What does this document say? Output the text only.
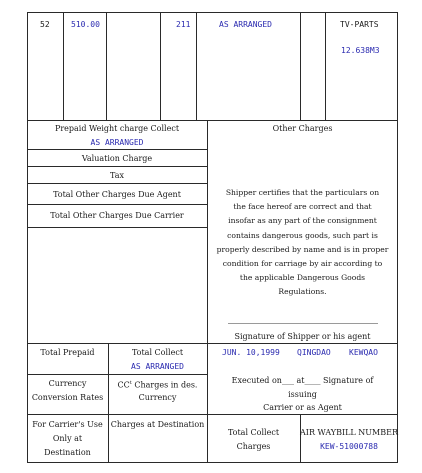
52	510.00	211	AS ARRANGED	TV-PARTS
12.638M3
Prepaid Weight charge Collect
AS ARRANGED
Valuation Charge
Tax
Total Other Charges Due Agent
Total Other Charges Due Carrier
Other Charges
Shipper certifies that the particulars on
the face hereof are correct and that
insofar as any part of the consignment
contains dangerous goods, such part is
properly described by name and is in proper
condition for carriage by air according to
the applicable Dangerous Goods
Regulations.
Signature of Shipper or his agent
Total Prepaid	Total Collect
AS ARRANGED
Currency
Conversion Rates
$CC^t$ Charges in des.
Currency
For Carrier's Use
Only at
Destination
Charges at Destination
Total Collect
Charges
JUN. 10,1999 QINGDAO KEWQAO
Executed on___ at____ Signature of
issuing
Carrier or as Agent
AIR WAYBILL NUMBER
KEW-51000788
